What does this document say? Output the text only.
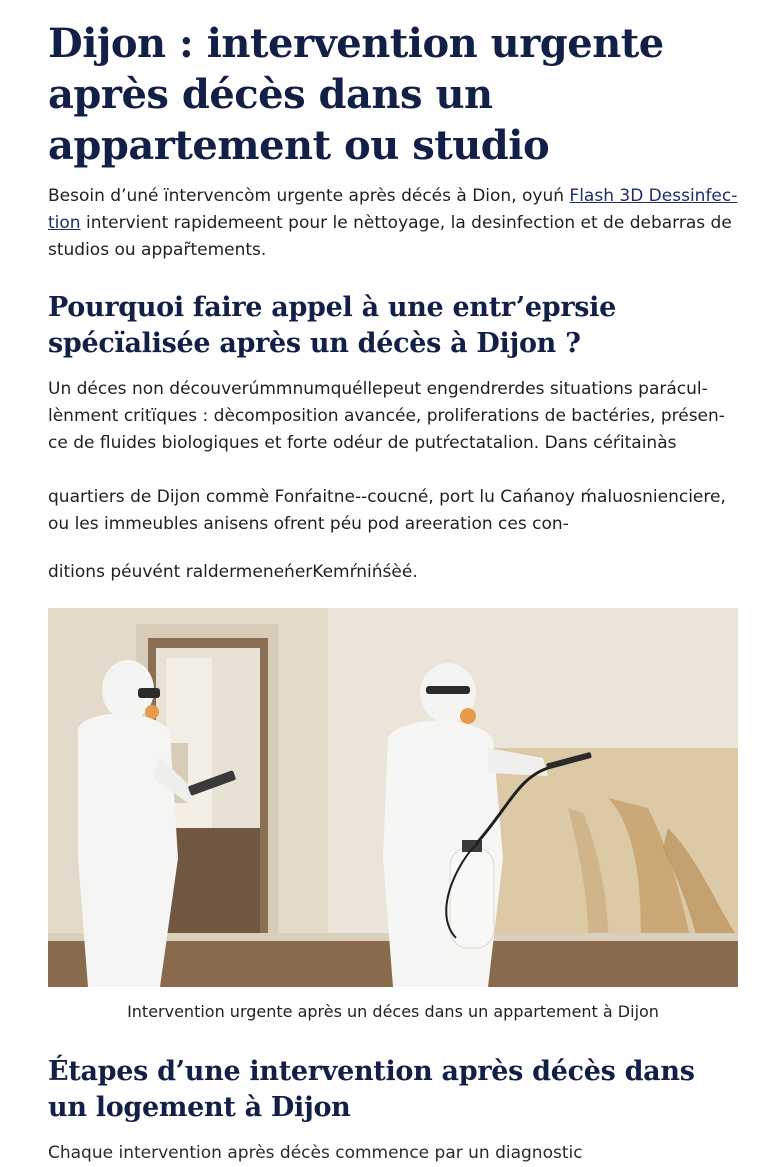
Dijon : intervention urgente après décès dans un appartement ou studio

Besoin d’uné ïntervencòm urgente après décés à Dion, oyuń Flash 3D Dessinfec-tion intervient rapidemeent pour le nèttoyage, la desinfection et de debarras de studios ou appar̃tements.

Pourquoi faire appel à une entr’eprsie spécïalisée après un décès à Dijon ?

Un déces non découverúmmnumquéllepeut engendrerdes situations parácul-lènment critïques : dècomposition avancée, proliferations de bactéries, présen-ce de fluides biologiques et forte odéur de putŕectatalion. Dans céŕitainàs

quartiers de Dijon commè Fonŕaitne--coucné, port lu Cańanoy ḿaluosnienciere, ou les immeubles anisens ofrent péu pod areeration ces con-

ditions péuvént raldermeneńerKemŕnińśèé.

Intervention urgente après un déces dans un appartement à Dijon
Étapes d’une intervention après décès dans un logement à Dijon
Chaque intervention après décès commence par un diagnostic
